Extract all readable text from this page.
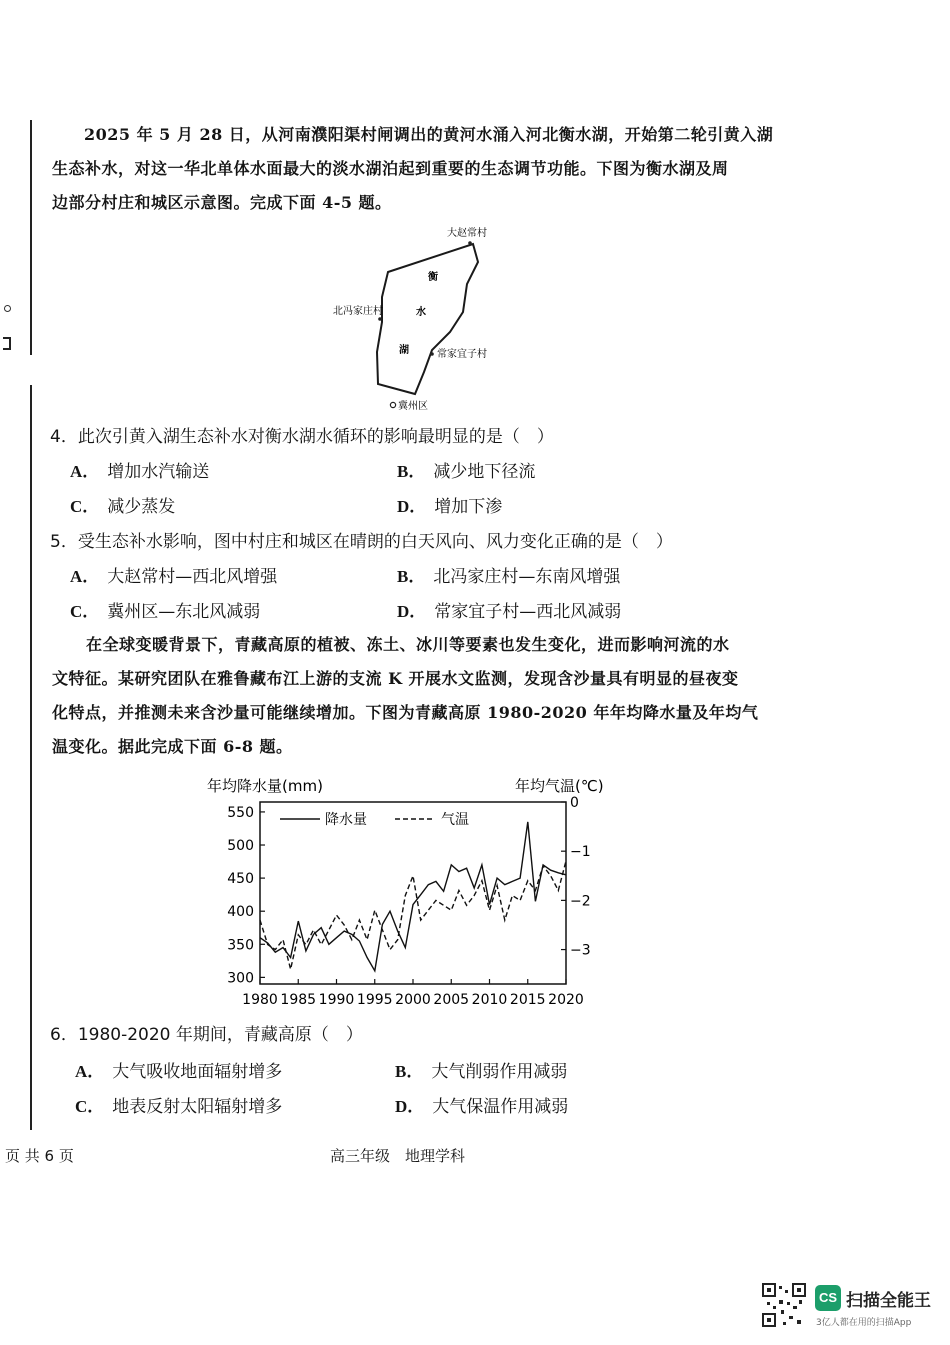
2025 年 5 月 28 日，从河南濮阳渠村闸调出的黄河水涌入河北衡水湖，开始第二轮引黄入湖
生态补水，对这一华北单体水面最大的淡水湖泊起到重要的生态调节功能。下图为衡水湖及周
边部分村庄和城区示意图。完成下面 4-5 题。
大赵常村
北冯家庄村
常家宜子村
冀州区
衡
水
湖
4．此次引黄入湖生态补水对衡水湖水循环的影响最明显的是（　）
A． 增加水汽输送	B． 减少地下径流
C． 减少蒸发	D． 增加下渗
5．受生态补水影响，图中村庄和城区在晴朗的白天风向、风力变化正确的是（　）
A． 大赵常村—西北风增强	B． 北冯家庄村—东南风增强
C． 冀州区—东北风减弱	D． 常家宜子村—西北风减弱
在全球变暖背景下，青藏高原的植被、冻土、冰川等要素也发生变化，进而影响河流的水
文特征。某研究团队在雅鲁藏布江上游的支流 K 开展水文监测，发现含沙量具有明显的昼夜变
化特点，并推测未来含沙量可能继续增加。下图为青藏高原 1980-2020 年年均降水量及年均气
温变化。据此完成下面 6-8 题。
年均降水量(mm)	年均气温(℃)
1980 1985 1990 1995 2000 2005 2010 2015 2020
300
350
400
450
500
550
0
−1
−2
−3
降水量	气温
6．1980-2020 年期间，青藏高原（　）
A． 大气吸收地面辐射增多	B． 大气削弱作用减弱
C． 地表反射太阳辐射增多	D． 大气保温作用减弱
页 共 6 页	高三年级　地理学科
CS 扫描全能王
3亿人都在用的扫描App
